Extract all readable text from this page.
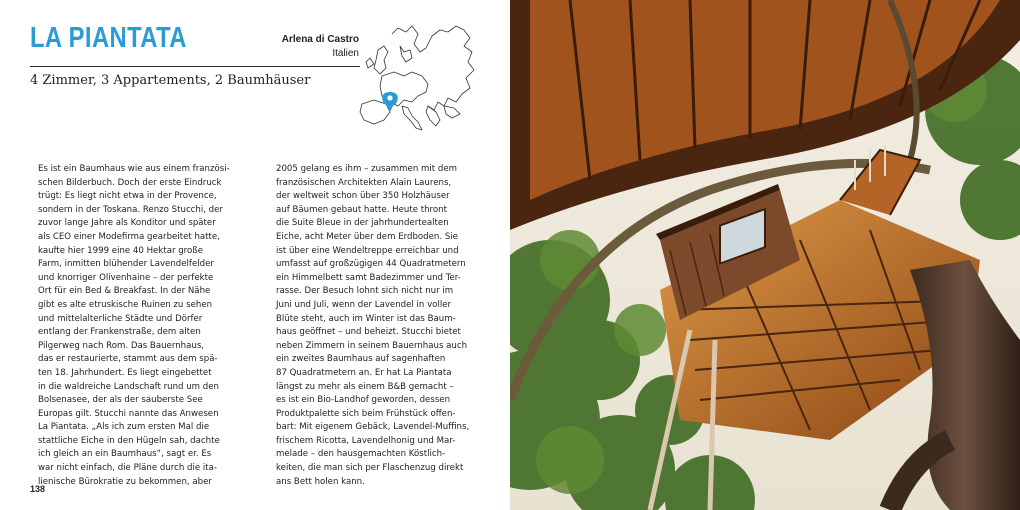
LA PIANTATA
4 Zimmer, 3 Appartements, 2 Baumhäuser
Arlena di Castro
Italien

Es ist ein Baumhaus wie aus einem französi-
schen Bilderbuch. Doch der erste Eindruck
trügt: Es liegt nicht etwa in der Provence,
sondern in der Toskana. Renzo Stucchi, der
zuvor lange Jahre als Konditor und später
als CEO einer Modefirma gearbeitet hatte,
kaufte hier 1999 eine 40 Hektar große
Farm, inmitten blühender Lavendelfelder
und knorriger Olivenhaine – der perfekte
Ort für ein Bed & Breakfast. In der Nähe
gibt es alte etruskische Ruinen zu sehen
und mittelalterliche Städte und Dörfer
entlang der Frankenstraße, dem alten
Pilgerweg nach Rom. Das Bauernhaus,
das er restaurierte, stammt aus dem spä-
ten 18. Jahrhundert. Es liegt eingebettet
in die waldreiche Landschaft rund um den
Bolsenasee, der als der sauberste See
Europas gilt. Stucchi nannte das Anwesen
La Piantata. „Als ich zum ersten Mal die
stattliche Eiche in den Hügeln sah, dachte
ich gleich an ein Baumhaus“, sagt er. Es
war nicht einfach, die Pläne durch die ita-
lienische Bürokratie zu bekommen, aber

2005 gelang es ihm – zusammen mit dem
französischen Architekten Alain Laurens,
der weltweit schon über 350 Holzhäuser
auf Bäumen gebaut hatte. Heute thront
die Suite Bleue in der jahrhundertealten
Eiche, acht Meter über dem Erdboden. Sie
ist über eine Wendeltreppe erreichbar und
umfasst auf großzügigen 44 Quadratmetern
ein Himmelbett samt Badezimmer und Ter-
rasse. Der Besuch lohnt sich nicht nur im
Juni und Juli, wenn der Lavendel in voller
Blüte steht, auch im Winter ist das Baum-
haus geöffnet – und beheizt. Stucchi bietet
neben Zimmern in seinem Bauernhaus auch
ein zweites Baumhaus auf sagenhaften
87 Quadratmetern an. Er hat La Piantata
längst zu mehr als einem B&B gemacht –
es ist ein Bio-Landhof geworden, dessen
Produktpalette sich beim Frühstück offen-
bart: Mit eigenem Gebäck, Lavendel-Muffins,
frischem Ricotta, Lavendelhonig und Mar-
melade – den hausgemachten Köstlich-
keiten, die man sich per Flaschenzug direkt
ans Bett holen kann.

138
